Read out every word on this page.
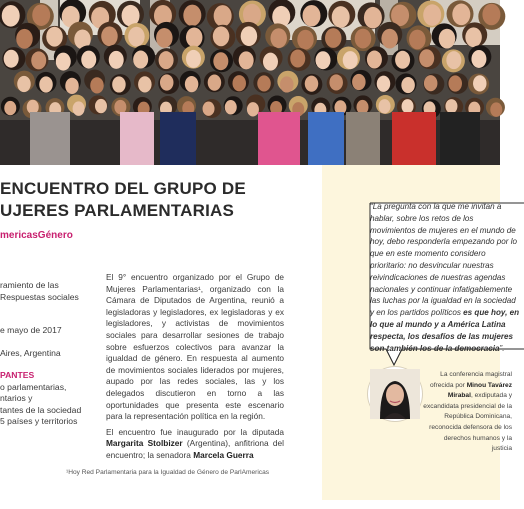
ENCUENTRO DEL GRUPO DE
UJERES PARLAMENTARIAS
mericasGénero

ramiento de las

Respuestas sociales

e mayo de 2017

Aires, Argentina

PANTES

o parlamentarias,

ntarios y

tantes de la sociedad

5 países y territorios

El 9° encuentro organizado por el Grupo de Mujeres Parlamentarias¹, organizado con la Cámara de Diputados de Argentina, reunió a legisladoras y legisladores, ex legisladoras y ex legisladores, y activistas de movimientos sociales para desarrollar sesiones de trabajo sobre esfuerzos colectivos para avanzar la igualdad de género. En respuesta al aumento de movimientos sociales liderados por mujeres, aupado por las redes sociales, las y los delegados discutieron en torno a las oportunidades que presenta este escenario para la representación política en la región.

El encuentro fue inaugurado por la diputada Margarita Stolbizer (Argentina), anfitriona del encuentro; la senadora Marcela Guerra

¹Hoy Red Parlamentaria para la Igualdad de Género de ParlAmericas
“La pregunta con la que me invitan a hablar, sobre los retos de los movimientos de mujeres en el mundo de hoy, debo responderla empezando por lo que en este momento considero prioritario: no desvincular nuestras reivindicaciones de nuestras agendas nacionales y continuar infatigablemente las luchas por la igualdad en la sociedad y en los partidos políticos es que hoy, en lo que al mundo y a América Latina respecta, los desafíos de las mujeres son también los de la democracia”.
La conferencia magistral ofrecida por Minou Tavárez Mirabal, exdiputada y excandidata presidencial de la República Dominicana, reconocida defensora de los derechos humanos y la justicia
